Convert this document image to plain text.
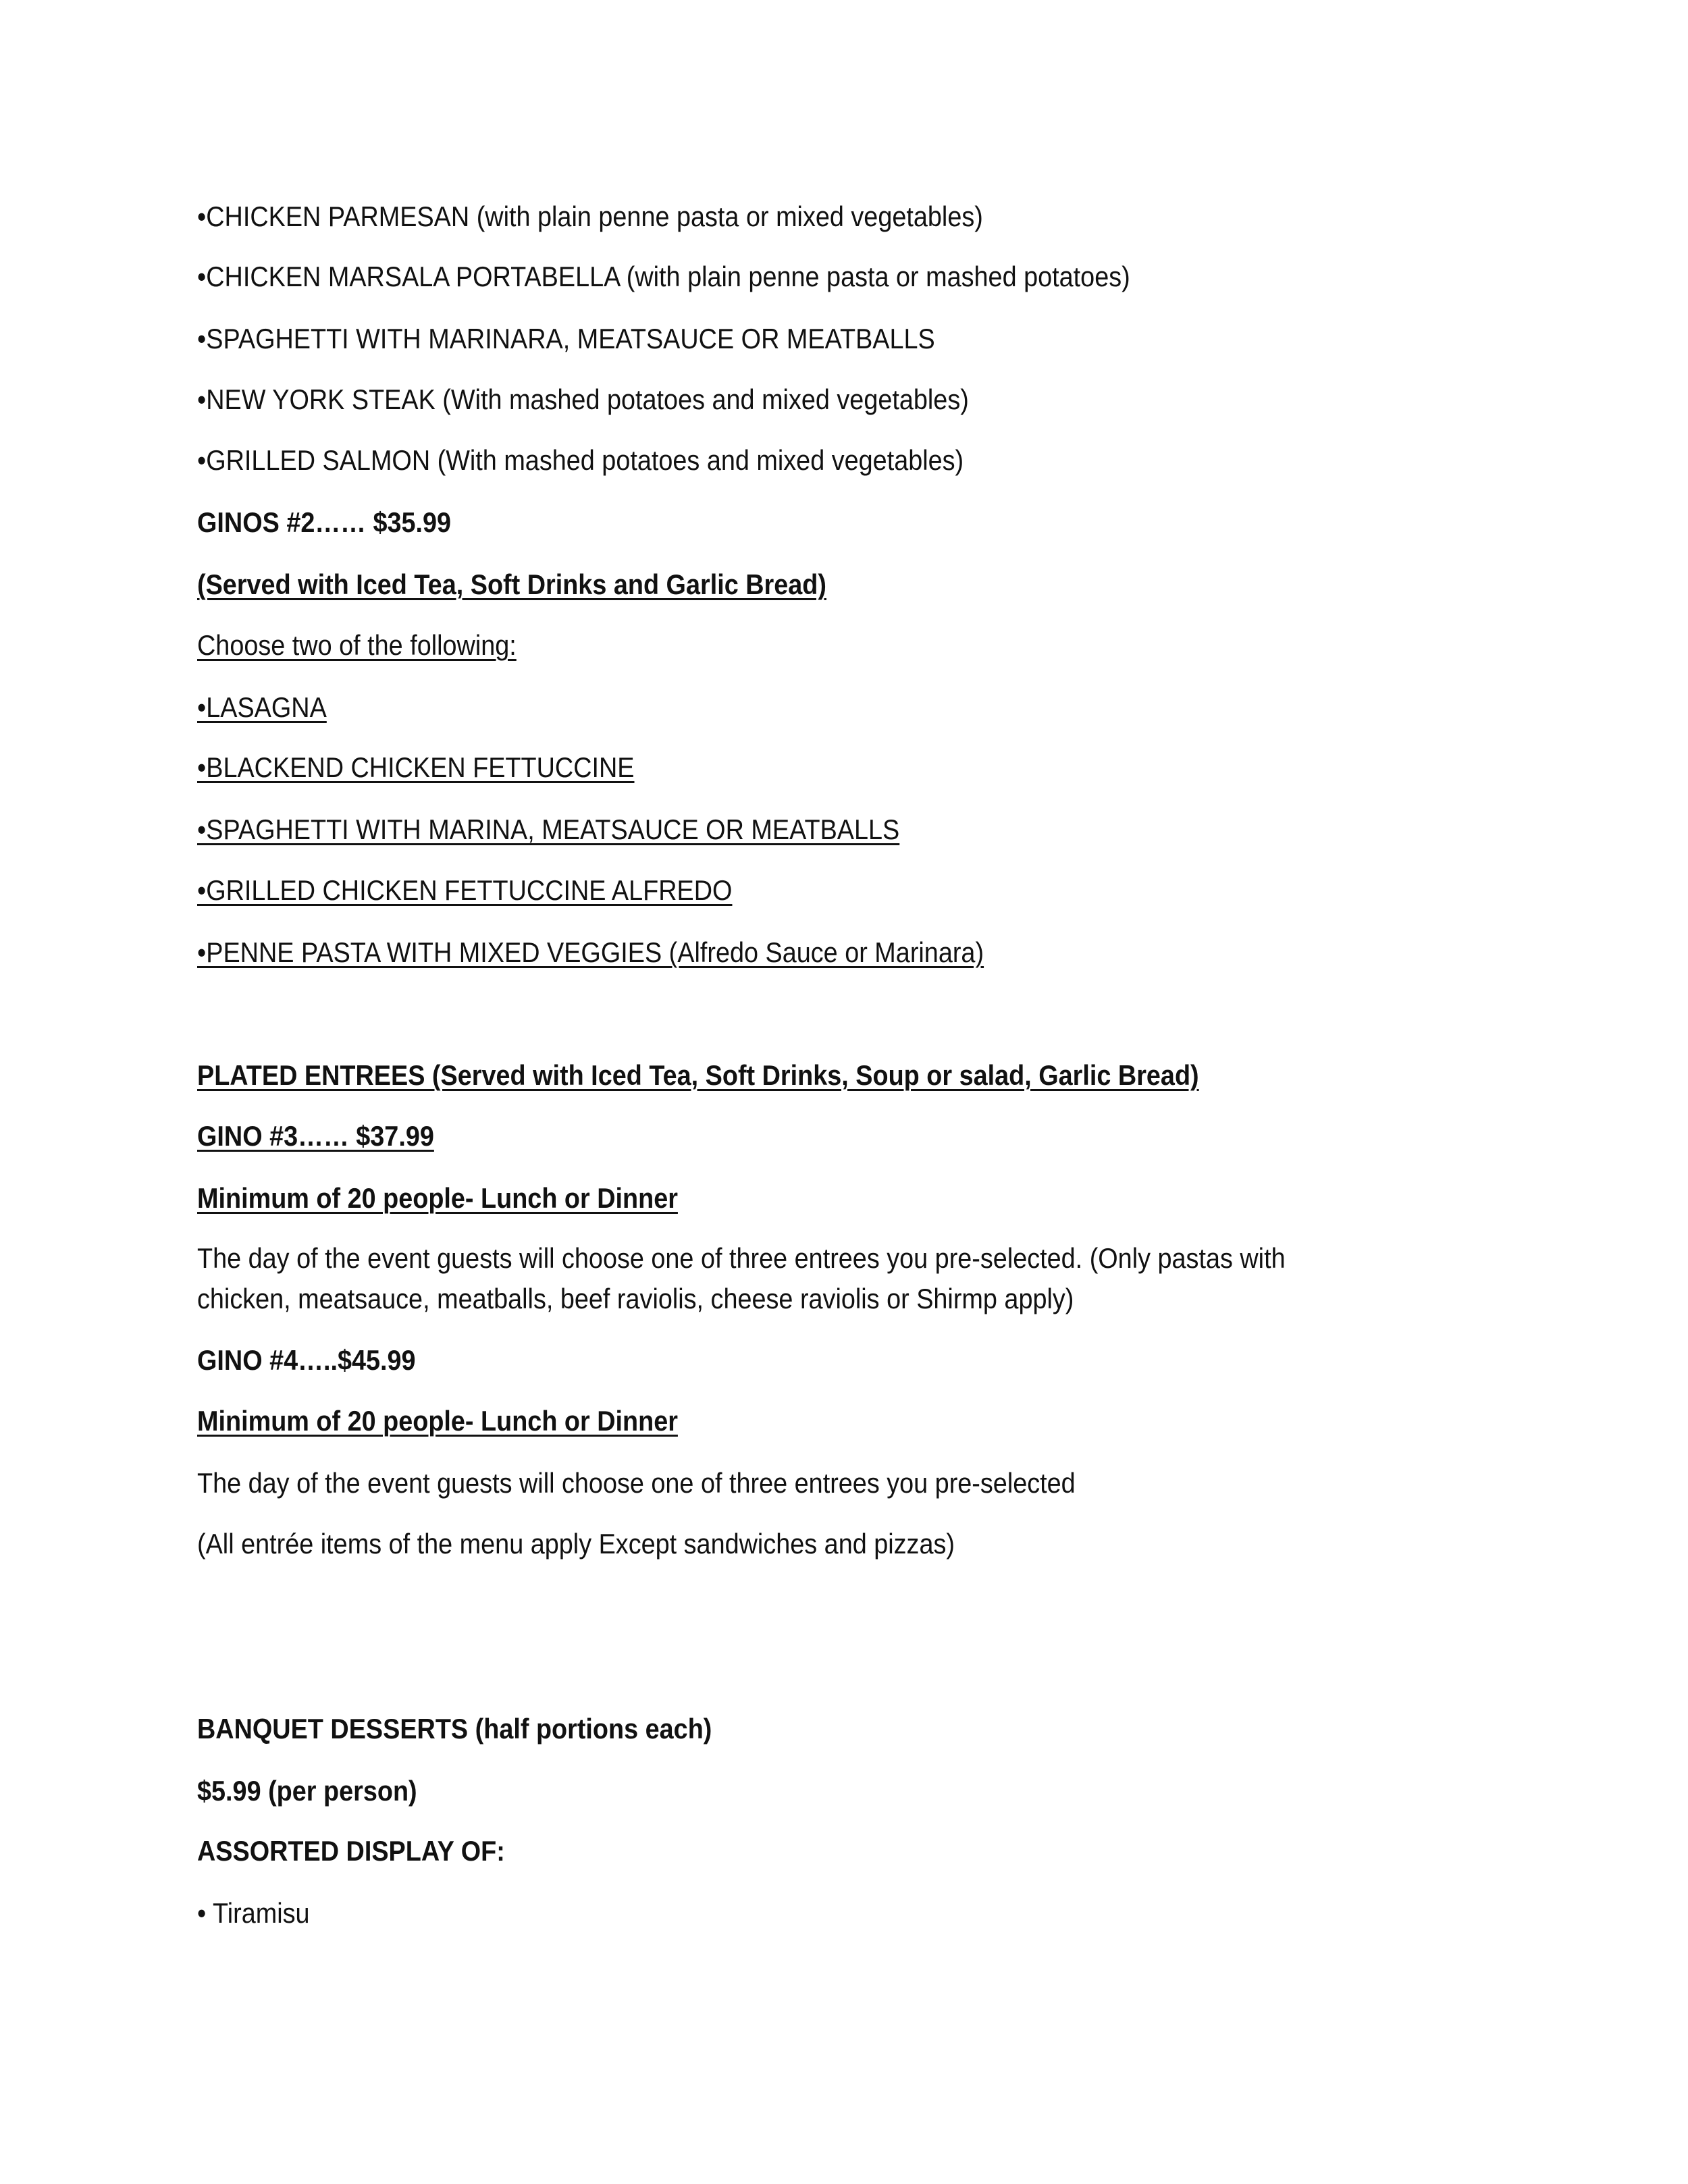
•CHICKEN PARMESAN (with plain penne pasta or mixed vegetables)
•CHICKEN MARSALA PORTABELLA (with plain penne pasta or mashed potatoes)
•SPAGHETTI WITH MARINARA, MEATSAUCE OR MEATBALLS
•NEW YORK STEAK (With mashed potatoes and mixed vegetables)
•GRILLED SALMON (With mashed potatoes and mixed vegetables)
GINOS #2…… $35.99
(Served with Iced Tea, Soft Drinks and Garlic Bread)
Choose two of the following:
•LASAGNA
•BLACKEND CHICKEN FETTUCCINE
•SPAGHETTI WITH MARINA, MEATSAUCE OR MEATBALLS
•GRILLED CHICKEN FETTUCCINE ALFREDO
•PENNE PASTA WITH MIXED VEGGIES (Alfredo Sauce or Marinara)
PLATED ENTREES (Served with Iced Tea, Soft Drinks, Soup or salad, Garlic Bread)
GINO #3…… $37.99
Minimum of 20 people- Lunch or Dinner
The day of the event guests will choose one of three entrees you pre-selected. (Only pastas with
chicken, meatsauce, meatballs, beef raviolis, cheese raviolis or Shirmp apply)
GINO #4…..$45.99
Minimum of 20 people- Lunch or Dinner
The day of the event guests will choose one of three entrees you pre-selected
(All entrée items of the menu apply Except sandwiches and pizzas)
BANQUET DESSERTS (half portions each)
$5.99 (per person)
ASSORTED DISPLAY OF:
• Tiramisu
